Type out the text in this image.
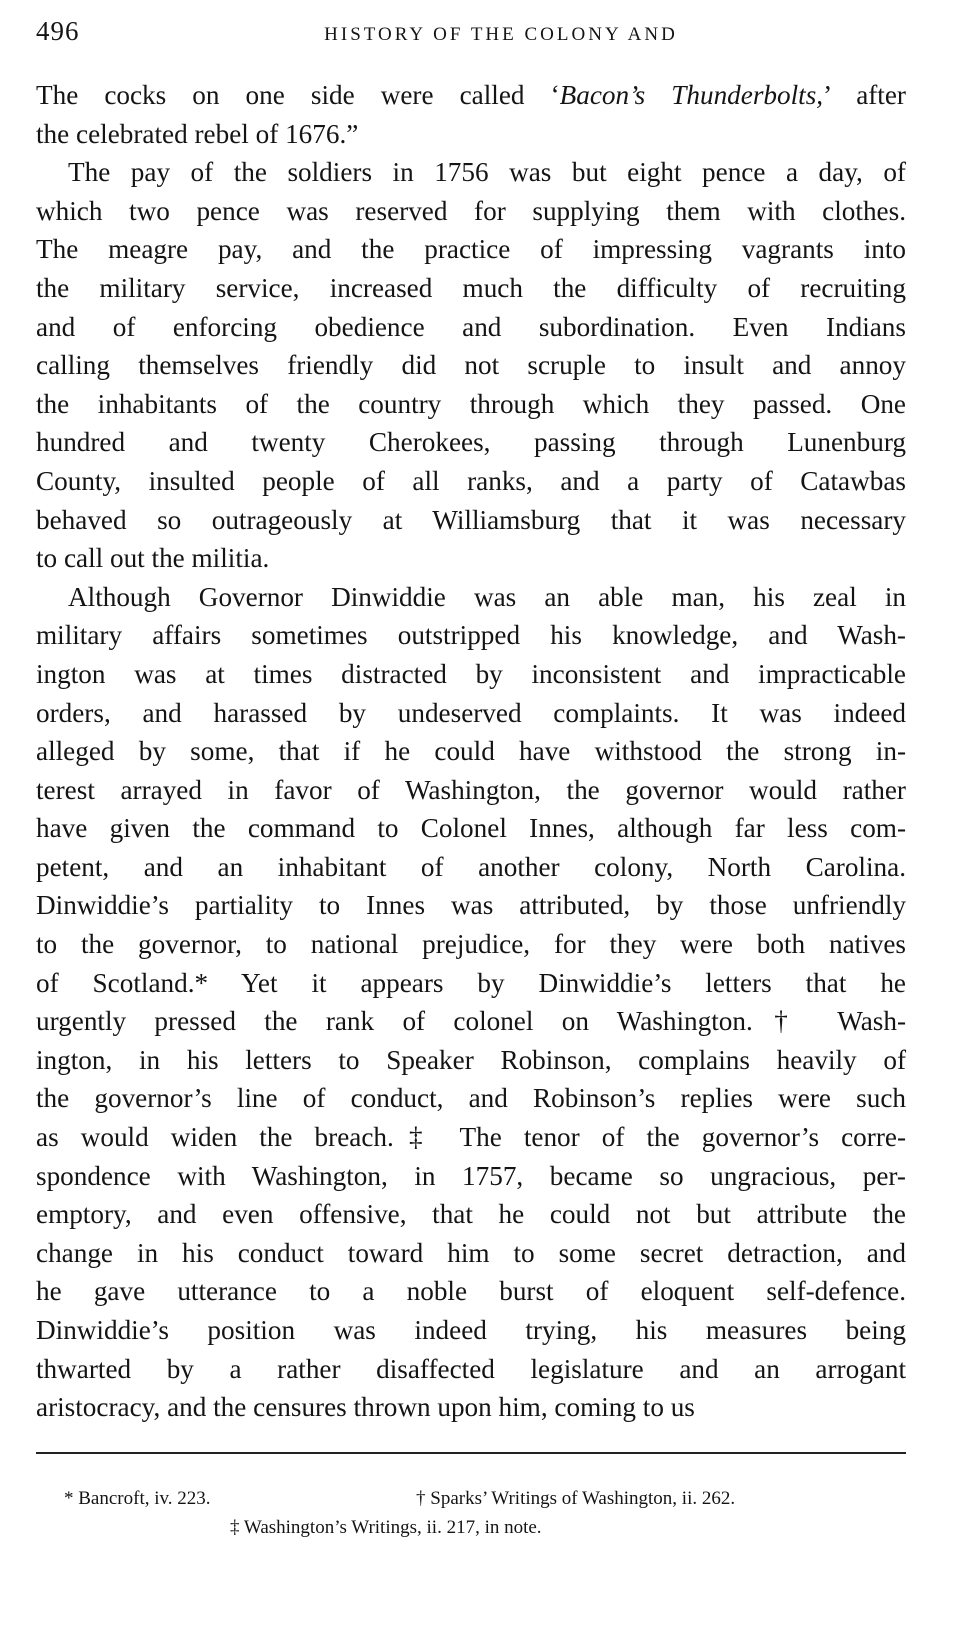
496	HISTORY OF THE COLONY AND
The cocks on one side were called ‘Bacon’s Thunderbolts,’ after
the celebrated rebel of 1676.”
The pay of the soldiers in 1756 was but eight pence a day, of
which two pence was reserved for supplying them with clothes.
The meagre pay, and the practice of impressing vagrants into
the military service, increased much the difficulty of recruiting
and of enforcing obedience and subordination. Even Indians
calling themselves friendly did not scruple to insult and annoy
the inhabitants of the country through which they passed. One
hundred and twenty Cherokees, passing through Lunenburg
County, insulted people of all ranks, and a party of Catawbas
behaved so outrageously at Williamsburg that it was necessary
to call out the militia.
Although Governor Dinwiddie was an able man, his zeal in
military affairs sometimes outstripped his knowledge, and Wash-
ington was at times distracted by inconsistent and impracticable
orders, and harassed by undeserved complaints. It was indeed
alleged by some, that if he could have withstood the strong in-
terest arrayed in favor of Washington, the governor would rather
have given the command to Colonel Innes, although far less com-
petent, and an inhabitant of another colony, North Carolina.
Dinwiddie’s partiality to Innes was attributed, by those unfriendly
to the governor, to national prejudice, for they were both natives
of Scotland.* Yet it appears by Dinwiddie’s letters that he
urgently pressed the rank of colonel on Washington.† Wash-
ington, in his letters to Speaker Robinson, complains heavily of
the governor’s line of conduct, and Robinson’s replies were such
as would widen the breach.‡ The tenor of the governor’s corre-
spondence with Washington, in 1757, became so ungracious, per-
emptory, and even offensive, that he could not but attribute the
change in his conduct toward him to some secret detraction, and
he gave utterance to a noble burst of eloquent self-defence.
Dinwiddie’s position was indeed trying, his measures being
thwarted by a rather disaffected legislature and an arrogant
aristocracy, and the censures thrown upon him, coming to us
* Bancroft, iv. 223.	† Sparks’ Writings of Washington, ii. 262.
‡ Washington’s Writings, ii. 217, in note.
